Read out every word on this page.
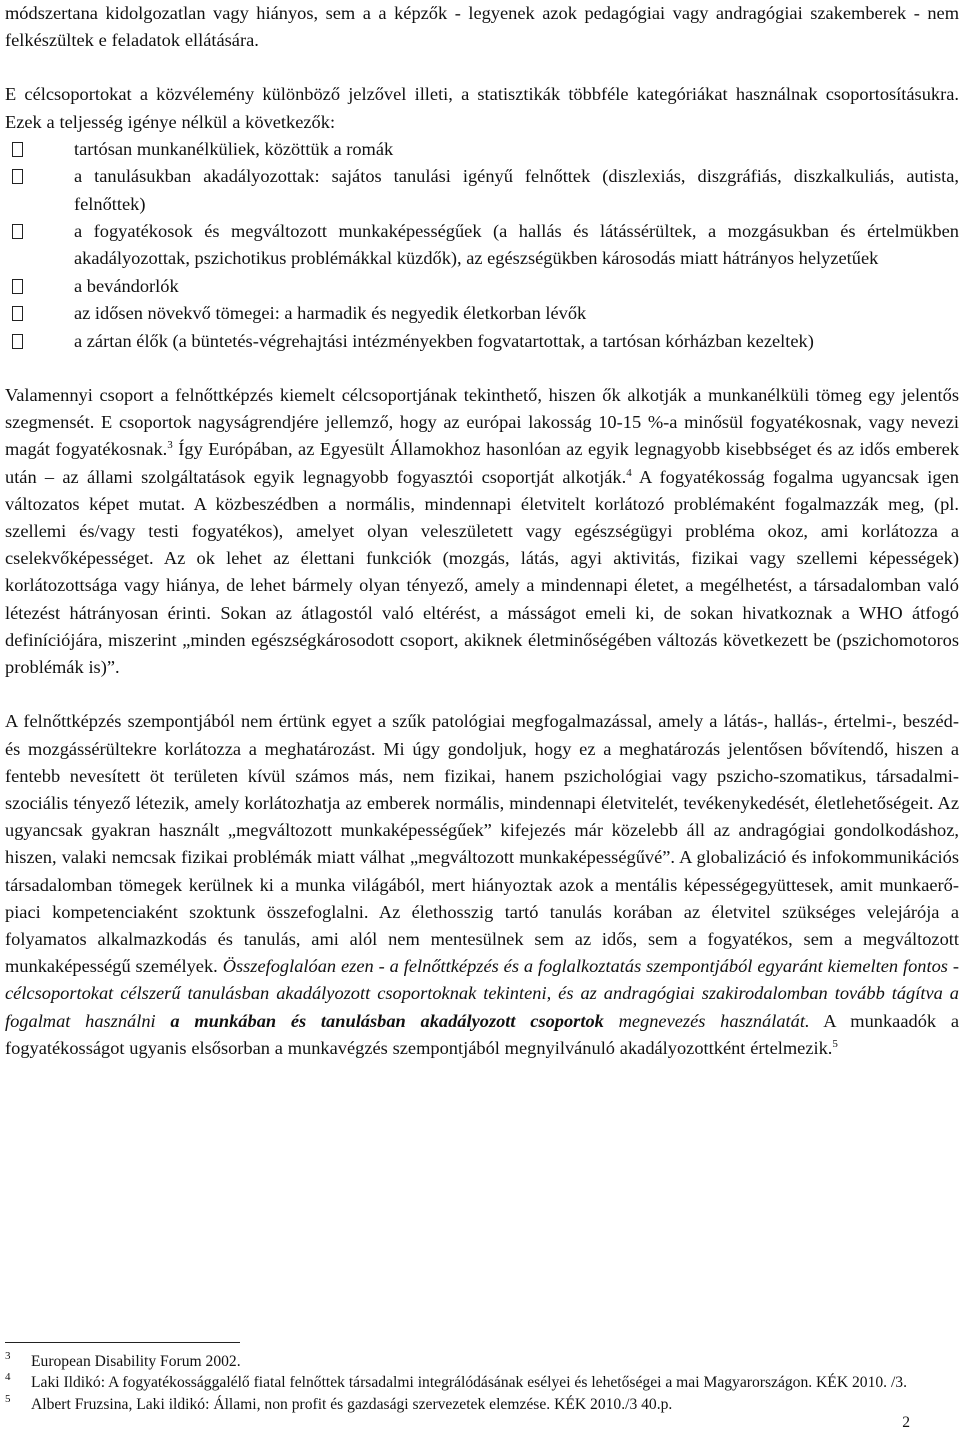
módszertana kidolgozatlan vagy hiányos, sem a a képzők - legyenek azok pedagógiai vagy andragógiai szakemberek - nem felkészültek e feladatok ellátására.

E célcsoportokat a közvélemény különböző jelzővel illeti, a statisztikák többféle kategóriákat használnak csoportosításukra. Ezek a teljesség igénye nélkül a következők:

tartósan munkanélküliek, közöttük a romák
a tanulásukban akadályozottak: sajátos tanulási igényű felnőttek (diszlexiás, diszgráfiás, diszkalkuliás, autista, felnőttek)
a fogyatékosok és megváltozott munkaképességűek (a hallás és látássérültek, a mozgásukban és értelmükben akadályozottak, pszichotikus problémákkal küzdők), az egészségükben károsodás miatt hátrányos helyzetűek
a bevándorlók
az idősen növekvő tömegei: a harmadik és negyedik életkorban lévők
a zártan élők (a büntetés-végrehajtási intézményekben fogvatartottak, a tartósan kórházban kezeltek)

Valamennyi csoport a felnőttképzés kiemelt célcsoportjának tekinthető, hiszen ők alkotják a munkanélküli tömeg egy jelentős szegmensét. E csoportok nagyságrendjére jellemző, hogy az európai lakosság 10-15 %-a minősül fogyatékosnak, vagy nevezi magát fogyatékosnak.$^3$ Így Európában, az Egyesült Államokhoz hasonlóan az egyik legnagyobb kisebbséget és az idős emberek után – az állami szolgáltatások egyik legnagyobb fogyasztói csoportját alkotják.$^4$ A fogyatékosság fogalma ugyancsak igen változatos képet mutat. A közbeszédben a normális, mindennapi életvitelt korlátozó problémaként fogalmazzák meg, (pl. szellemi és/vagy testi fogyatékos), amelyet olyan veleszületett vagy egészségügyi probléma okoz, ami korlátozza a cselekvőképességet. Az ok lehet az élettani funkciók (mozgás, látás, agyi aktivitás, fizikai vagy szellemi képességek) korlátozottsága vagy hiánya, de lehet bármely olyan tényező, amely a mindennapi életet, a megélhetést, a társadalomban való létezést hátrányosan érinti. Sokan az átlagostól való eltérést, a másságot emeli ki, de sokan hivatkoznak a WHO átfogó definíciójára, miszerint „minden egészségkárosodott csoport, akiknek életminőségében változás következett be (pszichomotoros problémák is)”.

A felnőttképzés szempontjából nem értünk egyet a szűk patológiai megfogalmazással, amely a látás-, hallás-, értelmi-, beszéd- és mozgássérültekre korlátozza a meghatározást. Mi úgy gondoljuk, hogy ez a meghatározás jelentősen bővítendő, hiszen a fentebb nevesített öt területen kívül számos más, nem fizikai, hanem pszichológiai vagy pszicho-szomatikus, társadalmi-szociális tényező létezik, amely korlátozhatja az emberek normális, mindennapi életvitelét, tevékenykedését, életlehetőségeit. Az ugyancsak gyakran használt „megváltozott munkaképességűek” kifejezés már közelebb áll az andragógiai gondolkodáshoz, hiszen, valaki nemcsak fizikai problémák miatt válhat „megváltozott munkaképességűvé”. A globalizáció és infokommunikációs társadalomban tömegek kerülnek ki a munka világából, mert hiányoztak azok a mentális képességegyüttesek, amit munkaerő-piaci kompetenciaként szoktunk összefoglalni. Az élethosszig tartó tanulás korában az életvitel szükséges velejárója a folyamatos alkalmazkodás és tanulás, ami alól nem mentesülnek sem az idős, sem a fogyatékos, sem a megváltozott munkaképességű személyek. Összefoglalóan ezen - a felnőttképzés és a foglalkoztatás szempontjából egyaránt kiemelten fontos - célcsoportokat célszerű tanulásban akadályozott csoportoknak tekinteni, és az andragógiai szakirodalomban tovább tágítva a fogalmat használni a munkában és tanulásban akadályozott csoportok megnevezés használatát. A munkaadók a fogyatékosságot ugyanis elsősorban a munkavégzés szempontjából megnyilvánuló akadályozottként értelmezik.$^5$

3 European Disability Forum 2002.
4 Laki Ildikó: A fogyatékossággalélő fiatal felnőttek társadalmi integrálódásának esélyei és lehetőségei a mai Magyarországon. KÉK 2010. /3.
5 Albert Fruzsina, Laki ildikó: Állami, non profit és gazdasági szervezetek elemzése. KÉK 2010./3 40.p.
2
